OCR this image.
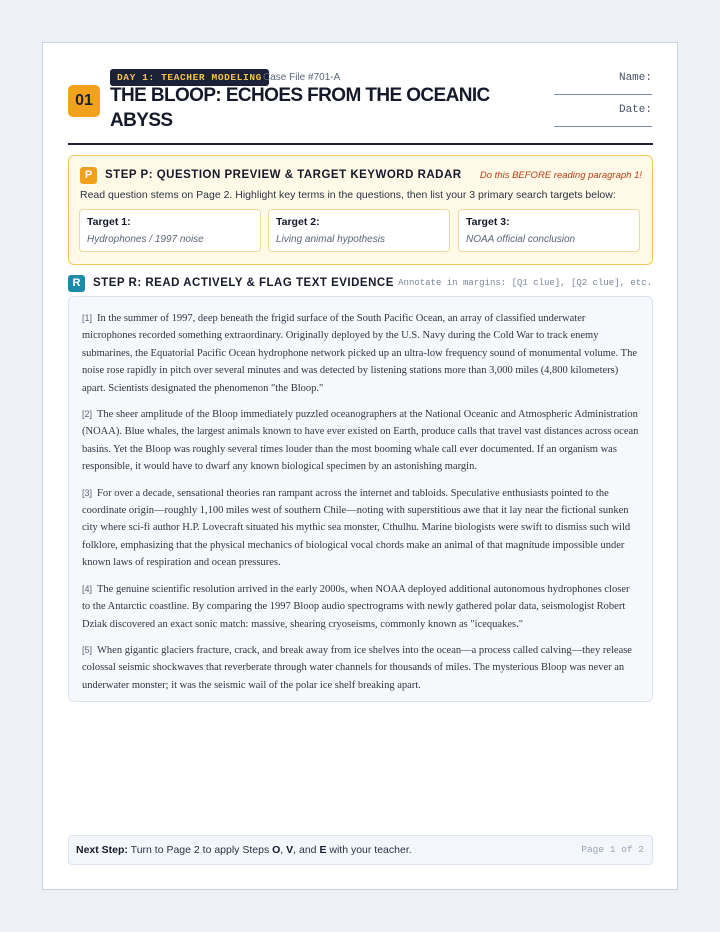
DAY 1: TEACHER MODELING Case File #701-A
01 THE BLOOP: ECHOES FROM THE OCEANIC ABYSS
Name:
Date:
P	STEP P: QUESTION PREVIEW & TARGET KEYWORD RADAR Do this BEFORE reading paragraph 1!
Read question stems on Page 2. Highlight key terms in the questions, then list your 3 primary search targets below:
Target 1:
Hydrophones / 1997 noise
Target 2:
Living animal hypothesis
Target 3:
NOAA official conclusion
R	STEP R: READ ACTIVELY & FLAG TEXT EVIDENCE Annotate in margins: [Q1 clue], [Q2 clue], etc.

[1] In the summer of 1997, deep beneath the frigid surface of the South Pacific Ocean, an array of classified underwater microphones recorded something extraordinary. Originally deployed by the U.S. Navy during the Cold War to track enemy submarines, the Equatorial Pacific Ocean hydrophone network picked up an ultra-low frequency sound of monumental volume. The noise rose rapidly in pitch over several minutes and was detected by listening stations more than 3,000 miles (4,800 kilometers) apart. Scientists designated the phenomenon "the Bloop."

[2] The sheer amplitude of the Bloop immediately puzzled oceanographers at the National Oceanic and Atmospheric Administration (NOAA). Blue whales, the largest animals known to have ever existed on Earth, produce calls that travel vast distances across ocean basins. Yet the Bloop was roughly several times louder than the most booming whale call ever documented. If an organism was responsible, it would have to dwarf any known biological specimen by an astonishing margin.

[3] For over a decade, sensational theories ran rampant across the internet and tabloids. Speculative enthusiasts pointed to the coordinate origin—roughly 1,100 miles west of southern Chile—noting with superstitious awe that it lay near the fictional sunken city where sci-fi author H.P. Lovecraft situated his mythic sea monster, Cthulhu. Marine biologists were swift to dismiss such wild folklore, emphasizing that the physical mechanics of biological vocal chords make an animal of that magnitude impossible under known laws of respiration and ocean pressures.

[4] The genuine scientific resolution arrived in the early 2000s, when NOAA deployed additional autonomous hydrophones closer to the Antarctic coastline. By comparing the 1997 Bloop audio spectrograms with newly gathered polar data, seismologist Robert Dziak discovered an exact sonic match: massive, shearing cryoseisms, commonly known as "icequakes."

[5] When gigantic glaciers fracture, crack, and break away from ice shelves into the ocean—a process called calving—they release colossal seismic shockwaves that reverberate through water channels for thousands of miles. The mysterious Bloop was never an underwater monster; it was the seismic wail of the polar ice shelf breaking apart.

Next Step: Turn to Page 2 to apply Steps O, V, and E with your teacher.	Page 1 of 2
